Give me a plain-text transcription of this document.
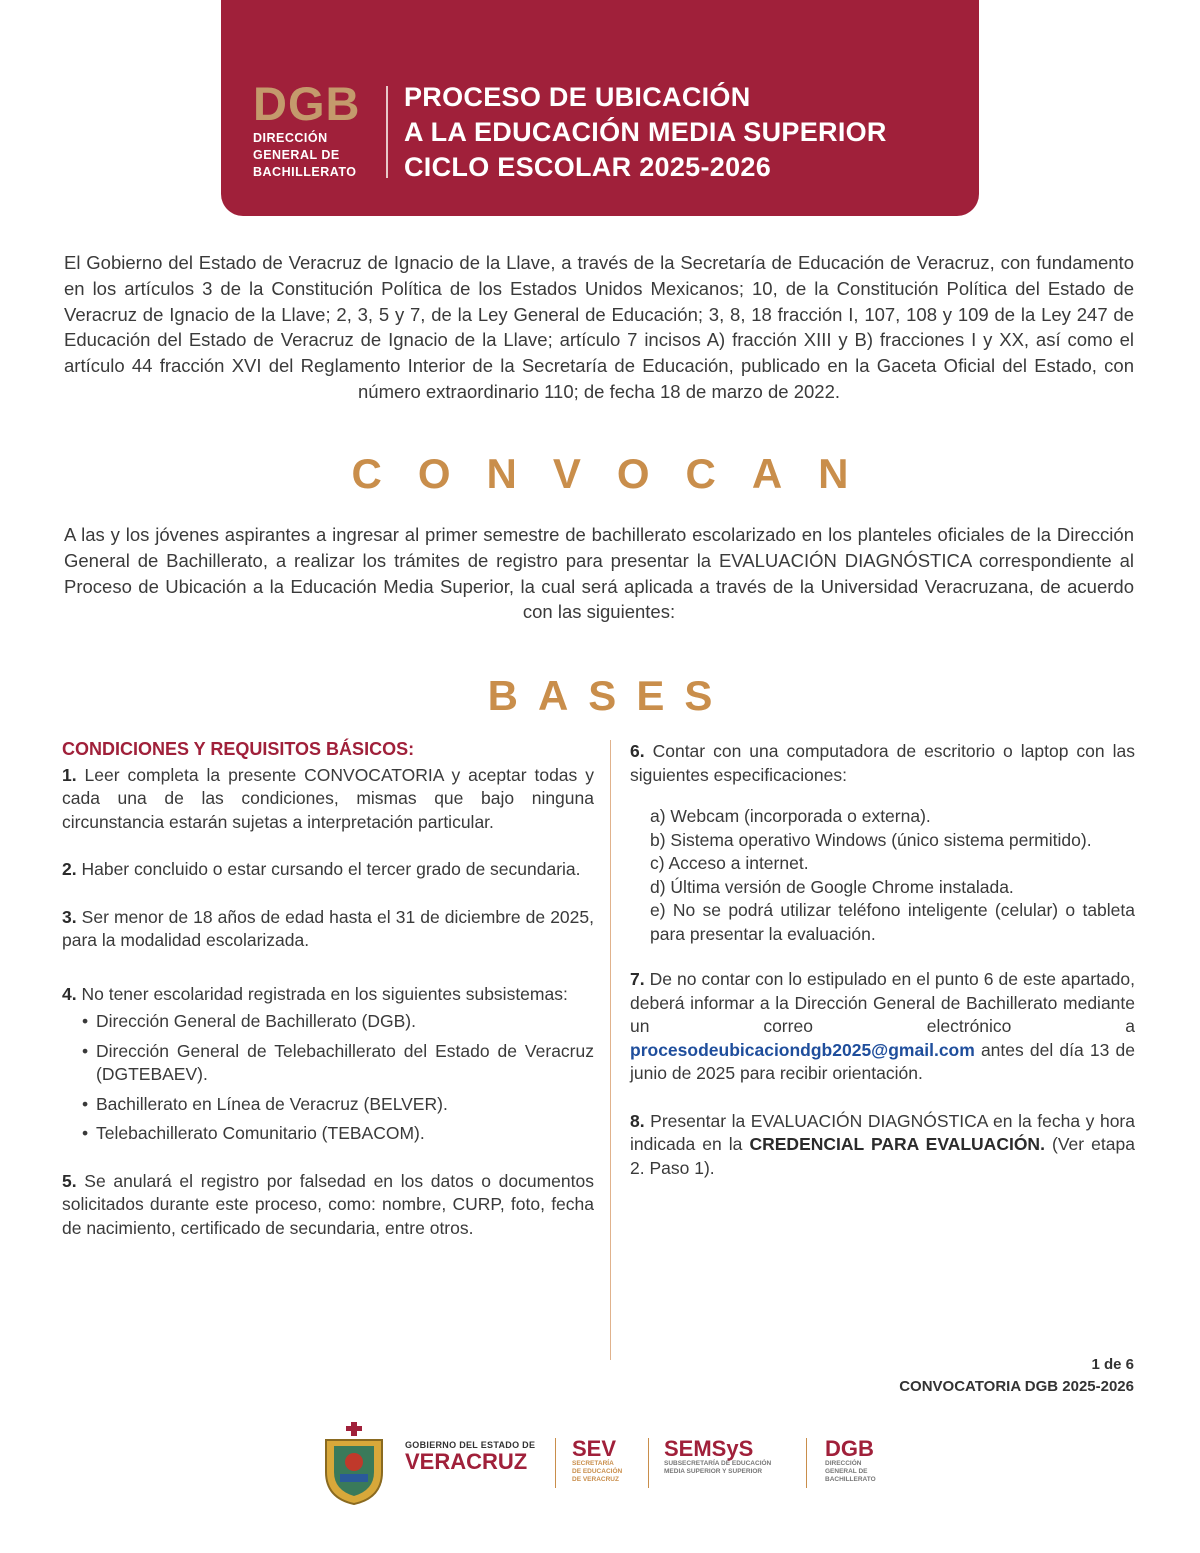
DGB
DIRECCIÓN
GENERAL DE
BACHILLERATO
PROCESO DE UBICACIÓN
A LA EDUCACIÓN MEDIA SUPERIOR
CICLO ESCOLAR 2025-2026

El Gobierno del Estado de Veracruz de Ignacio de la Llave, a través de la Secretaría de Educación de Veracruz, con fundamento en los artículos 3 de la Constitución Política de los Estados Unidos Mexicanos; 10, de la Constitución Política del Estado de Veracruz de Ignacio de la Llave; 2, 3, 5 y 7, de la Ley General de Educación; 3, 8, 18 fracción I, 107, 108 y 109 de la Ley 247 de Educación del Estado de Veracruz de Ignacio de la Llave; artículo 7 incisos A) fracción XIII y B) fracciones I y XX, así como el artículo 44 fracción XVI del Reglamento Interior de la Secretaría de Educación, publicado en la Gaceta Oficial del Estado, con número extraordinario 110; de fecha 18 de marzo de 2022.

CONVOCAN

A las y los jóvenes aspirantes a ingresar al primer semestre de bachillerato escolarizado en los planteles oficiales de la Dirección General de Bachillerato, a realizar los trámites de registro para presentar la EVALUACIÓN DIAGNÓSTICA correspondiente al Proceso de Ubicación a la Educación Media Superior, la cual será aplicada a través de la Universidad Veracruzana, de acuerdo con las siguientes:

BASES

CONDICIONES Y REQUISITOS BÁSICOS:

1. Leer completa la presente CONVOCATORIA y aceptar todas y cada una de las condiciones, mismas que bajo ninguna circunstancia estarán sujetas a interpretación particular.

2. Haber concluido o estar cursando el tercer grado de secundaria.

3. Ser menor de 18 años de edad hasta el 31 de diciembre de 2025, para la modalidad escolarizada.

4. No tener escolaridad registrada en los siguientes subsistemas:
• Dirección General de Bachillerato (DGB).
• Dirección General de Telebachillerato del Estado de Veracruz (DGTEBAEV).
• Bachillerato en Línea de Veracruz (BELVER).
• Telebachillerato Comunitario (TEBACOM).

5. Se anulará el registro por falsedad en los datos o documentos solicitados durante este proceso, como: nombre, CURP, foto, fecha de nacimiento, certificado de secundaria, entre otros.

6. Contar con una computadora de escritorio o laptop con las siguientes especificaciones:

a) Webcam (incorporada o externa).
b) Sistema operativo Windows (único sistema permitido).
c) Acceso a internet.
d) Última versión de Google Chrome instalada.
e) No se podrá utilizar teléfono inteligente (celular) o tableta para presentar la evaluación.

7. De no contar con lo estipulado en el punto 6 de este apartado, deberá informar a la Dirección General de Bachillerato mediante un correo electrónico a procesodeubicaciondgb2025@gmail.com antes del día 13 de junio de 2025 para recibir orientación.

8. Presentar la EVALUACIÓN DIAGNÓSTICA en la fecha y hora indicada en la CREDENCIAL PARA EVALUACIÓN. (Ver etapa 2. Paso 1).

1 de 6
CONVOCATORIA DGB 2025-2026
GOBIERNO DEL ESTADO DE
VERACRUZ
SEV
SECRETARÍA
DE EDUCACIÓN
DE VERACRUZ
SEMSyS
SUBSECRETARÍA DE EDUCACIÓN
MEDIA SUPERIOR Y SUPERIOR
DGB
DIRECCIÓN
GENERAL DE
BACHILLERATO
